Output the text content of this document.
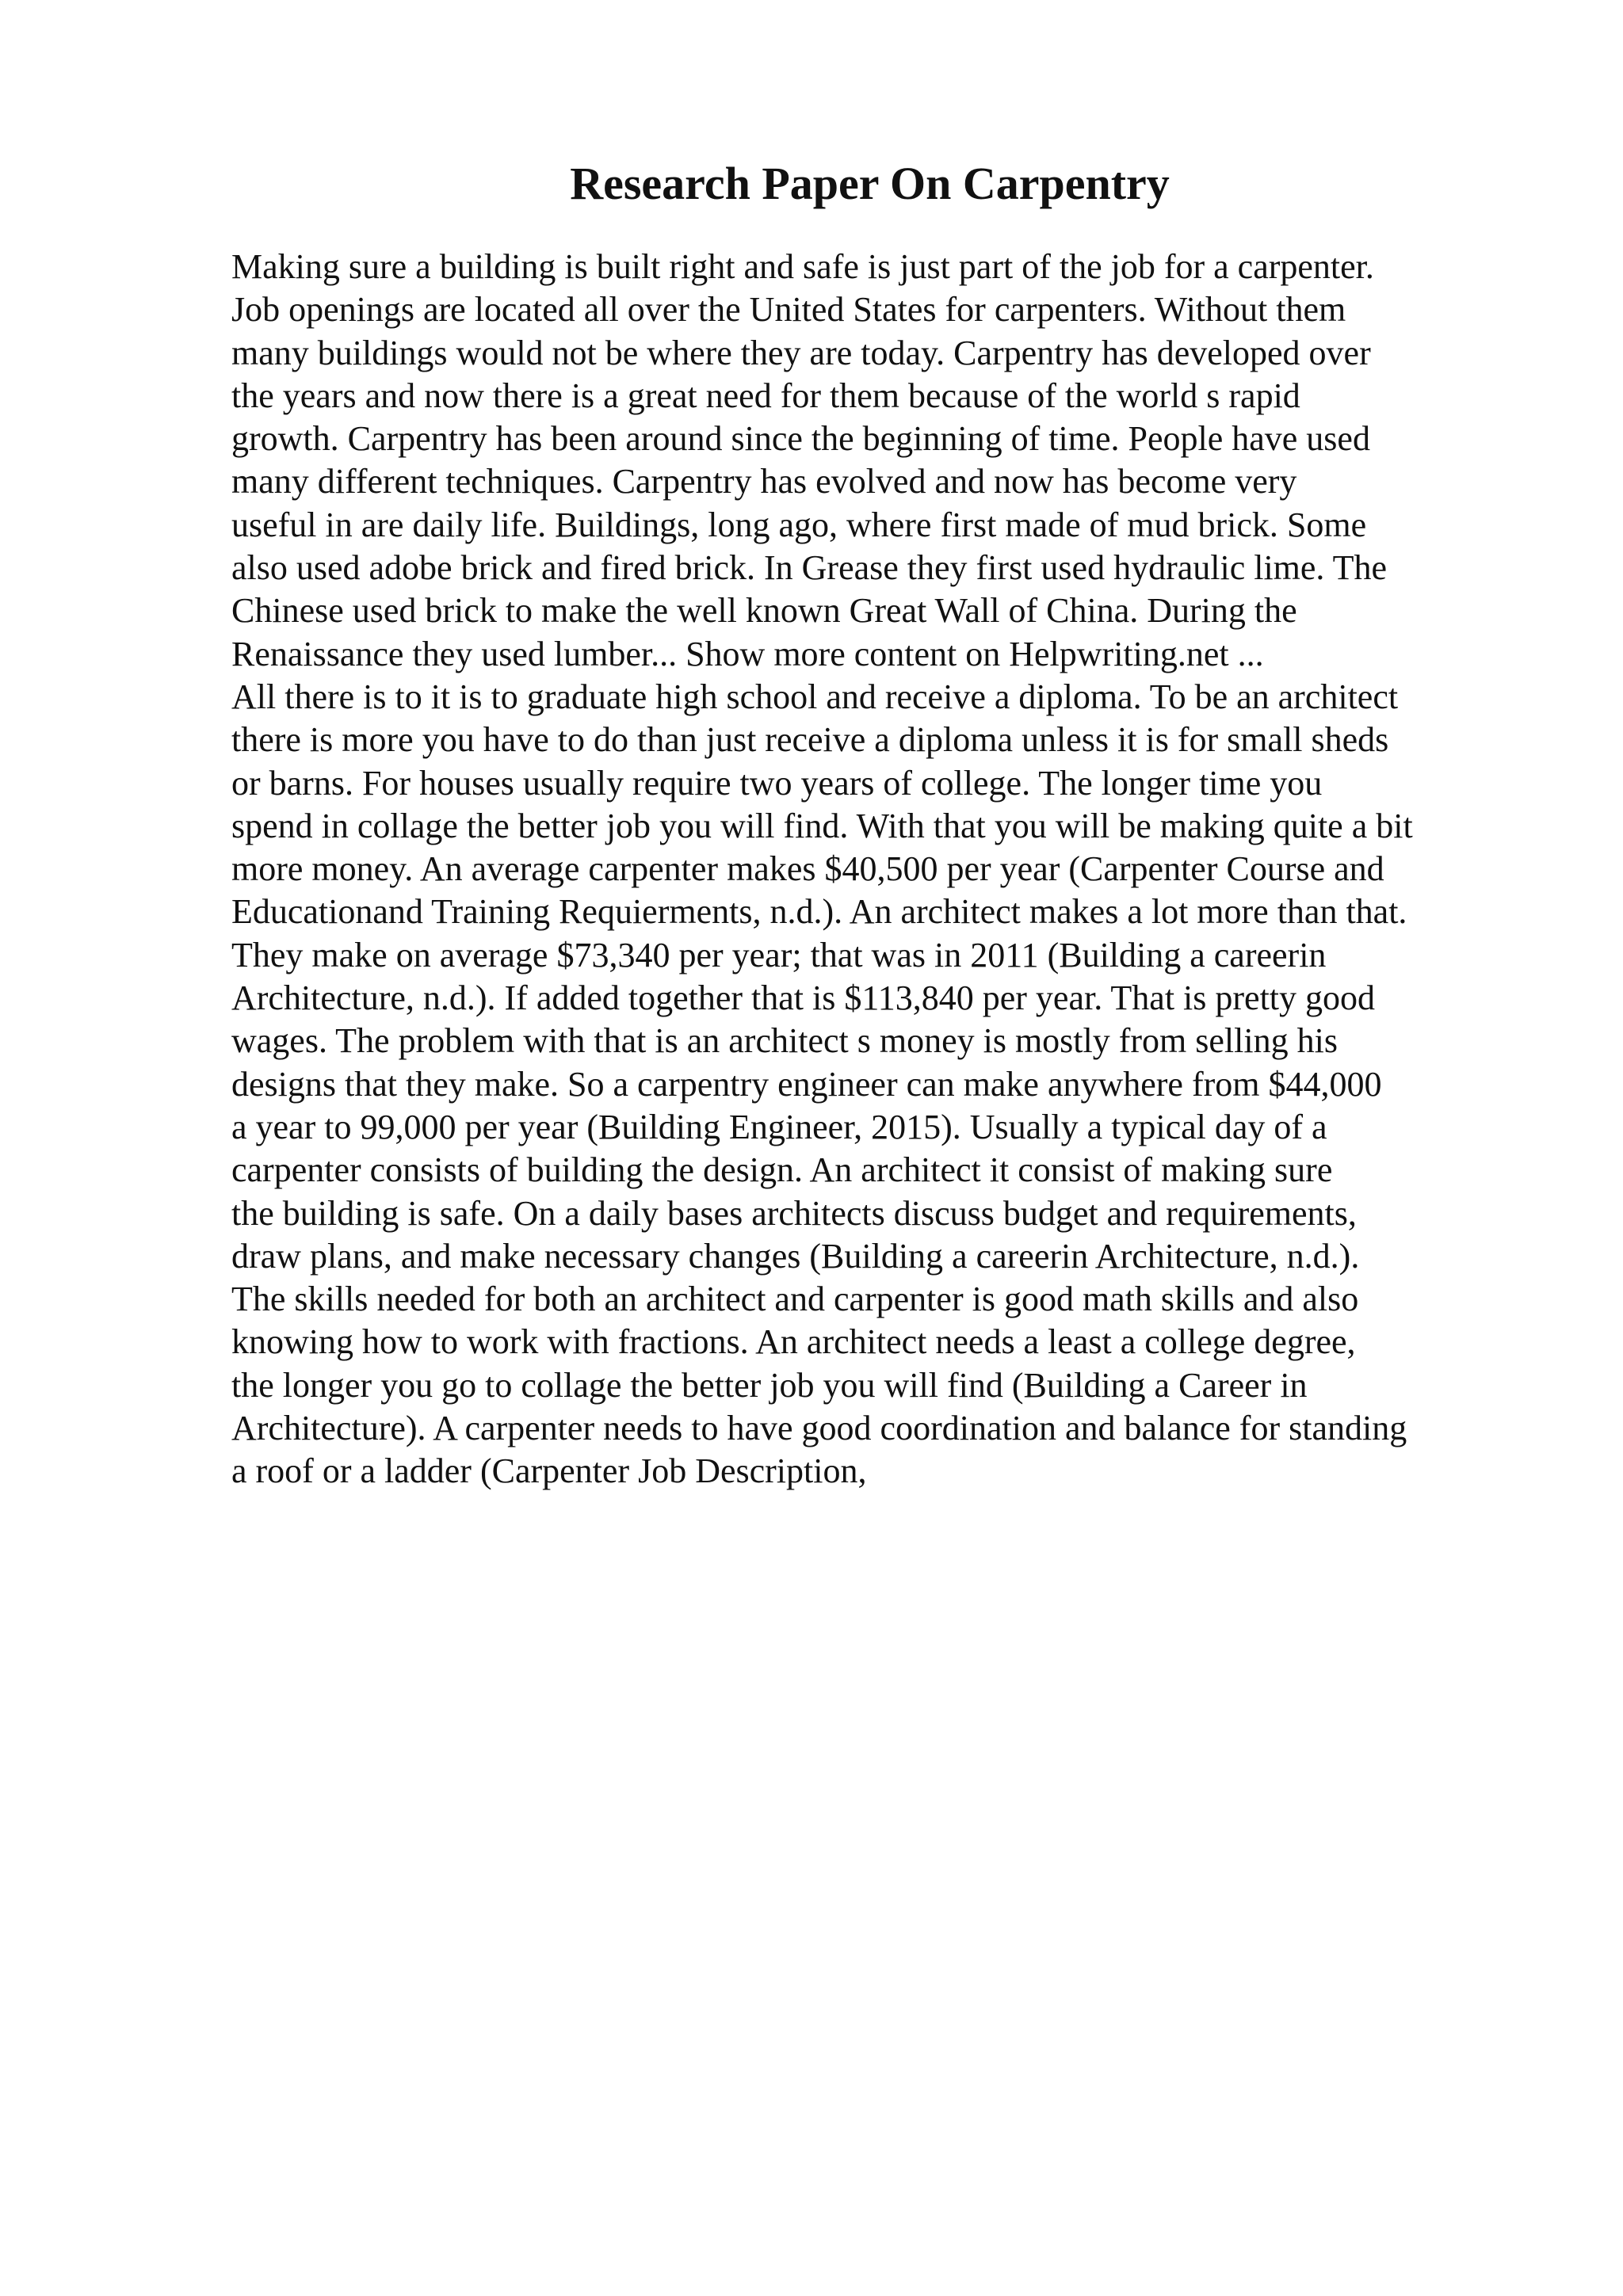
Research Paper On Carpentry
Making sure a building is built right and safe is just part of the job for a carpenter.
Job openings are located all over the United States for carpenters. Without them
many buildings would not be where they are today. Carpentry has developed over
the years and now there is a great need for them because of the world s rapid
growth. Carpentry has been around since the beginning of time. People have used
many different techniques. Carpentry has evolved and now has become very
useful in are daily life. Buildings, long ago, where first made of mud brick. Some
also used adobe brick and fired brick. In Grease they first used hydraulic lime. The
Chinese used brick to make the well known Great Wall of China. During the
Renaissance they used lumber... Show more content on Helpwriting.net ...
All there is to it is to graduate high school and receive a diploma. To be an architect
there is more you have to do than just receive a diploma unless it is for small sheds
or barns. For houses usually require two years of college. The longer time you
spend in collage the better job you will find. With that you will be making quite a bit
more money. An average carpenter makes $40,500 per year (Carpenter Course and
Educationand Training Requierments, n.d.). An architect makes a lot more than that.
They make on average $73,340 per year; that was in 2011 (Building a careerin
Architecture, n.d.). If added together that is $113,840 per year. That is pretty good
wages. The problem with that is an architect s money is mostly from selling his
designs that they make. So a carpentry engineer can make anywhere from $44,000
a year to 99,000 per year (Building Engineer, 2015). Usually a typical day of a
carpenter consists of building the design. An architect it consist of making sure
the building is safe. On a daily bases architects discuss budget and requirements,
draw plans, and make necessary changes (Building a careerin Architecture, n.d.).
The skills needed for both an architect and carpenter is good math skills and also
knowing how to work with fractions. An architect needs a least a college degree,
the longer you go to collage the better job you will find (Building a Career in
Architecture). A carpenter needs to have good coordination and balance for standing
a roof or a ladder (Carpenter Job Description,
